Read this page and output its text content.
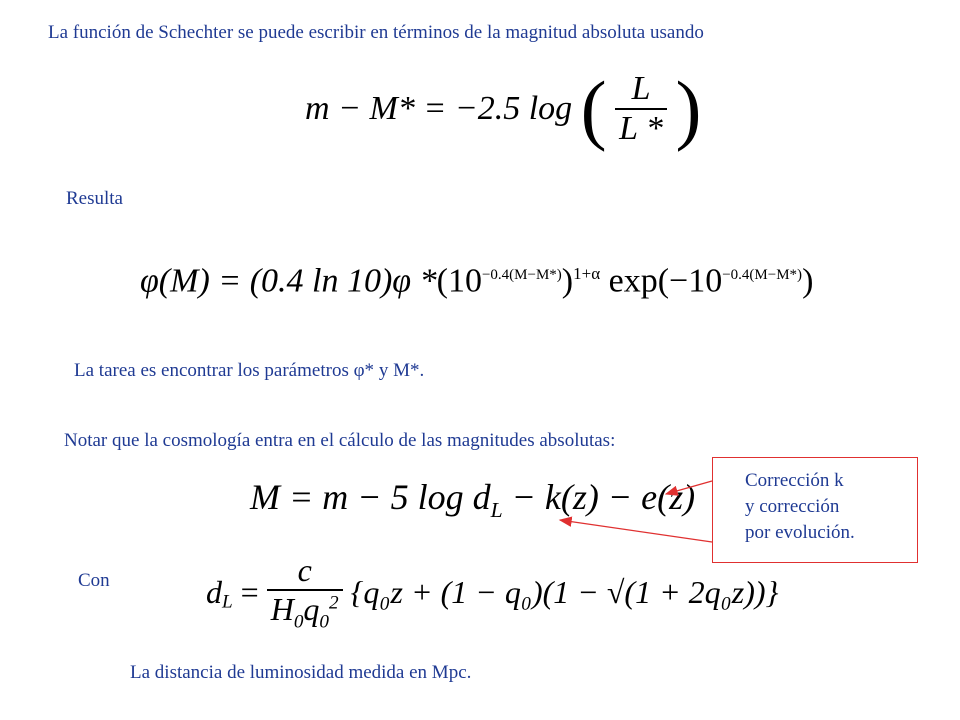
La función de Schechter se puede escribir en términos de la magnitud absoluta usando
m − M* = −2.5 log ( $\frac{L}{L *}$ )
Resulta
φ(M) = (0.4 ln 10)φ $*(10^{-0.4(M-M*)})^{1+\alpha}$ $\exp(-10^{-0.4(M-M*)})$
La tarea es encontrar los parámetros φ* y M*.
Notar que la cosmología entra en el cálculo de las magnitudes absolutas:
M = m − 5 $\log d_L - k(z) - e(z)$	Corrección k
y corrección
por evolución.
Con	$d_L = \frac{c}{H_0q_0^2} \{q_0z + (1 - q_0)(1 - √(1 + 2q_0z))\}$
La distancia de luminosidad medida en Mpc.
